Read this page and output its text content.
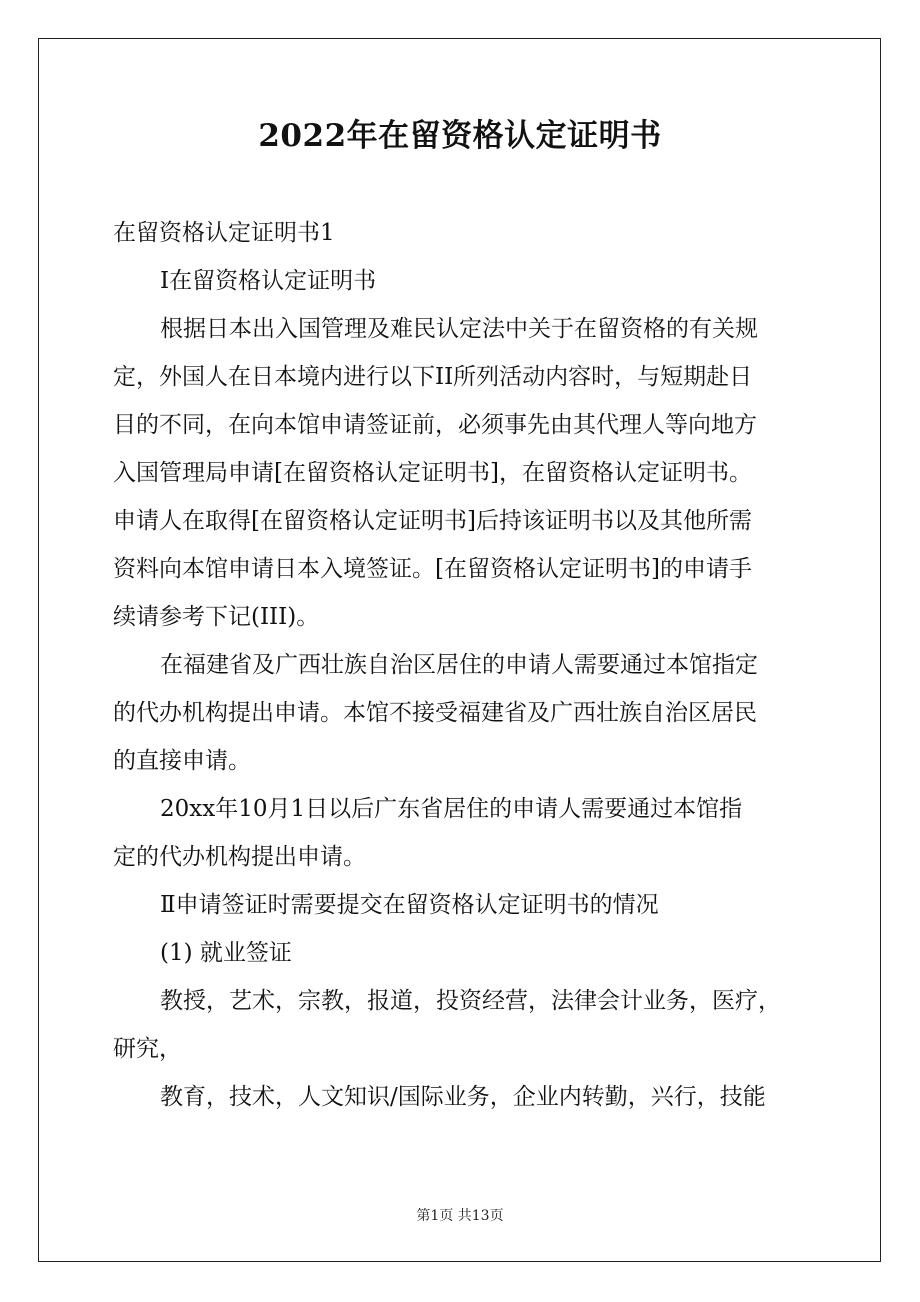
2022年在留资格认定证明书
在留资格认定证明书1
Ⅰ在留资格认定证明书
根据日本出入国管理及难民认定法中关于在留资格的有关规
定，外国人在日本境内进行以下II所列活动内容时，与短期赴日
目的不同，在向本馆申请签证前，必须事先由其代理人等向地方
入国管理局申请[在留资格认定证明书]，在留资格认定证明书。
申请人在取得[在留资格认定证明书]后持该证明书以及其他所需
资料向本馆申请日本入境签证。[在留资格认定证明书]的申请手
续请参考下记(III)。
在福建省及广西壮族自治区居住的申请人需要通过本馆指定
的代办机构提出申请。本馆不接受福建省及广西壮族自治区居民
的直接申请。
20xx年10月1日以后广东省居住的申请人需要通过本馆指
定的代办机构提出申请。
Ⅱ申请签证时需要提交在留资格认定证明书的情况
(1) 就业签证
教授，艺术，宗教，报道，投资经营，法律会计业务，医疗，
研究，
教育，技术，人文知识/国际业务，企业内转勤，兴行，技能
第1页 共13页
